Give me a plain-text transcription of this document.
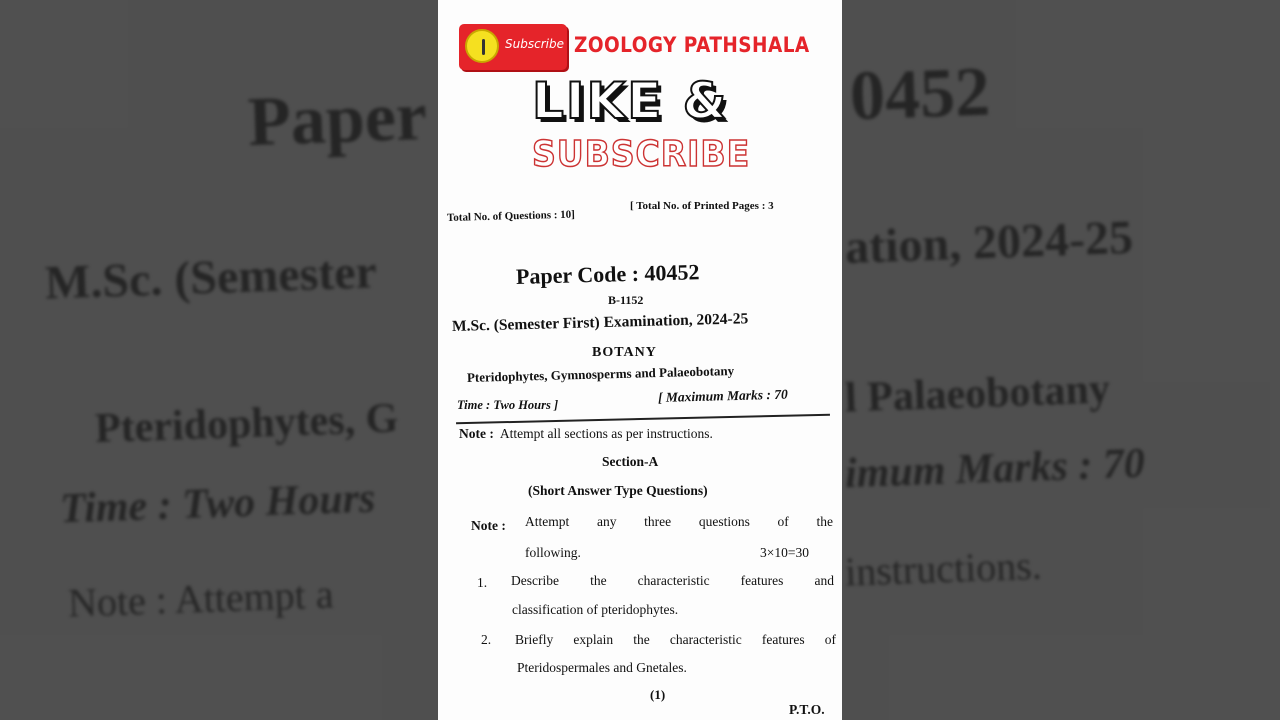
Paper	0452
M.Sc. (Semester
ation, 2024-25
Pteridophytes, G
l Palaeobotany
Time : Two Hours
imum Marks : 70
Note : Attempt a
instructions.
Subscribe ZOOLOGY PATHSHALA
LIKE &
SUBSCRIBE
Total No. of Questions : 10]
[ Total No. of Printed Pages : 3
Paper Code : 40452
B-1152
M.Sc. (Semester First) Examination, 2024-25
BOTANY
Pteridophytes, Gymnosperms and Palaeobotany
Time : Two Hours ]
[ Maximum Marks : 70
Note : Attempt all sections as per instructions.
Section-A
(Short Answer Type Questions)
Note : Attempt any three questions of the
following.	3×10=30
1. Describe the characteristic features and
classification of pteridophytes.
2. Briefly explain the characteristic features of
Pteridospermales and Gnetales.
(1)
P.T.O.
